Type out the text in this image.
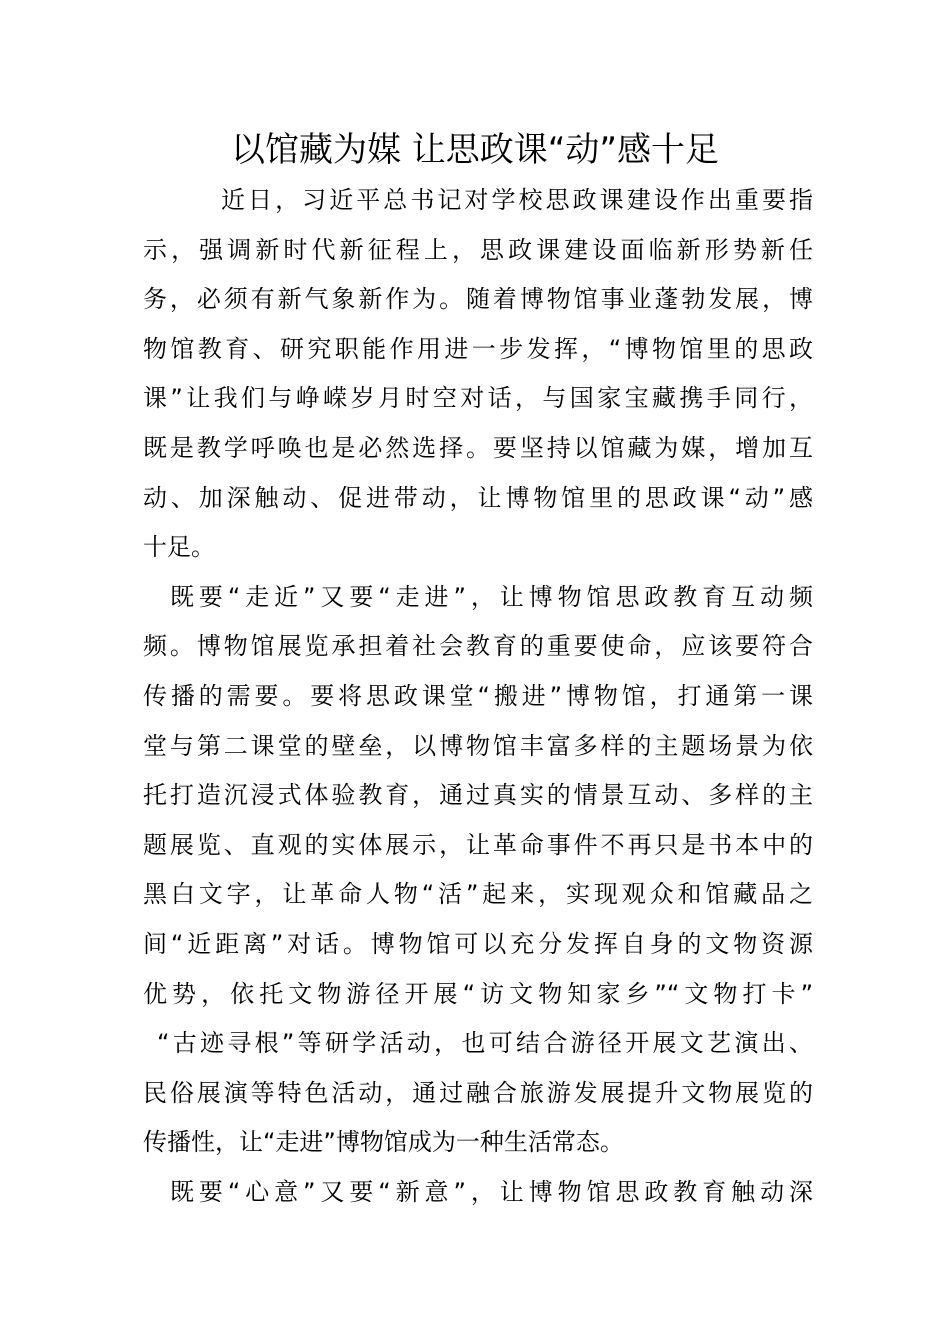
以馆藏为媒 让思政课“动”感十足
近日，习近平总书记对学校思政课建设作出重要指
示，强调新时代新征程上，思政课建设面临新形势新任
务，必须有新气象新作为。随着博物馆事业蓬勃发展，博
物馆教育、研究职能作用进一步发挥，“博物馆里的思政
课”让我们与峥嵘岁月时空对话，与国家宝藏携手同行，
既是教学呼唤也是必然选择。要坚持以馆藏为媒，增加互
动、加深触动、促进带动，让博物馆里的思政课“动”感
十足。
既要“走近”又要“走进”，让博物馆思政教育互动频
频。博物馆展览承担着社会教育的重要使命，应该要符合
传播的需要。要将思政课堂“搬进”博物馆，打通第一课
堂与第二课堂的壁垒，以博物馆丰富多样的主题场景为依
托打造沉浸式体验教育，通过真实的情景互动、多样的主
题展览、直观的实体展示，让革命事件不再只是书本中的
黑白文字，让革命人物“活”起来，实现观众和馆藏品之
间“近距离”对话。博物馆可以充分发挥自身的文物资源
优势，依托文物游径开展“访文物知家乡”“文物打卡”
“古迹寻根”等研学活动，也可结合游径开展文艺演出、
民俗展演等特色活动，通过融合旅游发展提升文物展览的
传播性，让“走进”博物馆成为一种生活常态。
既要“心意”又要“新意”，让博物馆思政教育触动深
